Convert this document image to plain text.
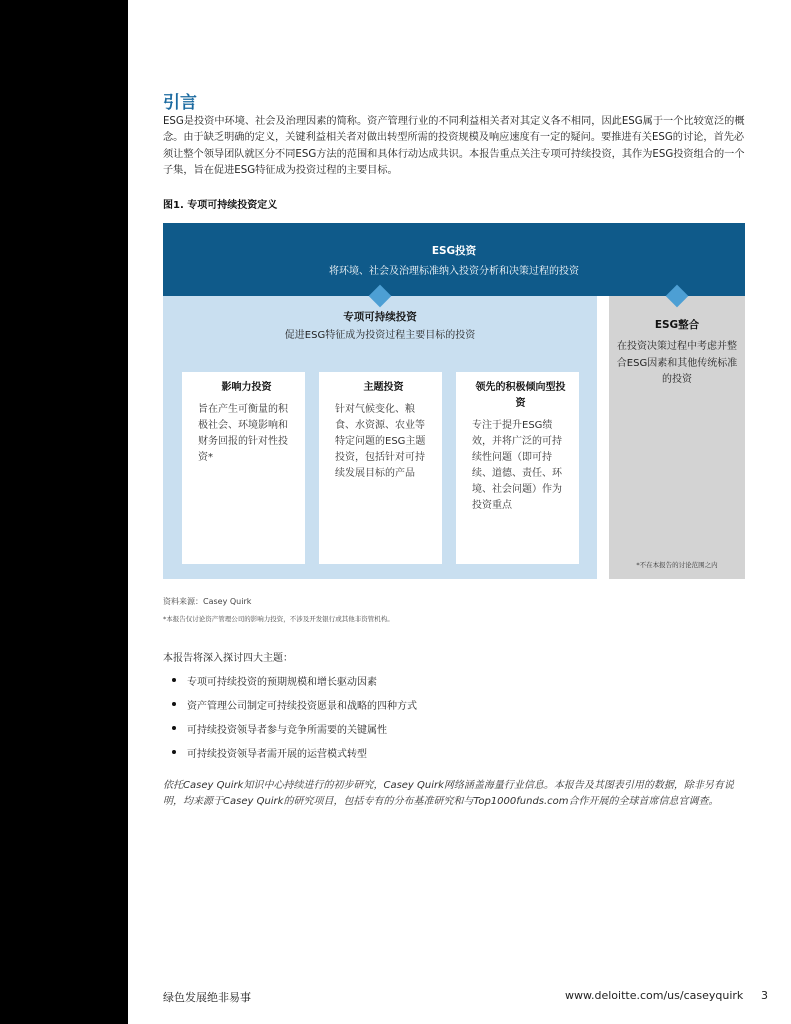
引言

ESG是投资中环境、社会及治理因素的简称。资产管理行业的不同利益相关者对其定义各不相同，因此ESG属于一个比较宽泛的概念。由于缺乏明确的定义，关键利益相关者对做出转型所需的投资规模及响应速度有一定的疑问。要推进有关ESG的讨论，首先必须让整个领导团队就区分不同ESG方法的范围和具体行动达成共识。本报告重点关注专项可持续投资，其作为ESG投资组合的一个子集，旨在促进ESG特征成为投资过程的主要目标。

图1. 专项可持续投资定义
ESG投资
将环境、社会及治理标准纳入投资分析和决策过程的投资
专项可持续投资
促进ESG特征成为投资过程主要目标的投资
影响力投资
旨在产生可衡量的积极社会、环境影响和财务回报的针对性投资*
主题投资
针对气候变化、粮食、水资源、农业等特定问题的ESG主题投资，包括针对可持续发展目标的产品
领先的积极倾向型投资
专注于提升ESG绩效，并将广泛的可持续性问题（即可持续、道德、责任、环境、社会问题）作为投资重点
ESG整合
在投资决策过程中考虑并整合ESG因素和其他传统标准的投资
*不在本报告的讨论范围之内
资料来源：Casey Quirk
*本报告仅讨论资产管理公司的影响力投资，不涉及开发银行或其他非资管机构。
本报告将深入探讨四大主题：
专项可持续投资的预期规模和增长驱动因素
资产管理公司制定可持续投资愿景和战略的四种方式
可持续投资领导者参与竞争所需要的关键属性
可持续投资领导者需开展的运营模式转型

依托Casey Quirk知识中心持续进行的初步研究，Casey Quirk网络涵盖海量行业信息。本报告及其图表引用的数据，除非另有说明，均来源于Casey Quirk的研究项目，包括专有的分布基准研究和与Top1000funds.com合作开展的全球首席信息官调查。

绿色发展绝非易事	www.deloitte.com/us/caseyquirk 3
